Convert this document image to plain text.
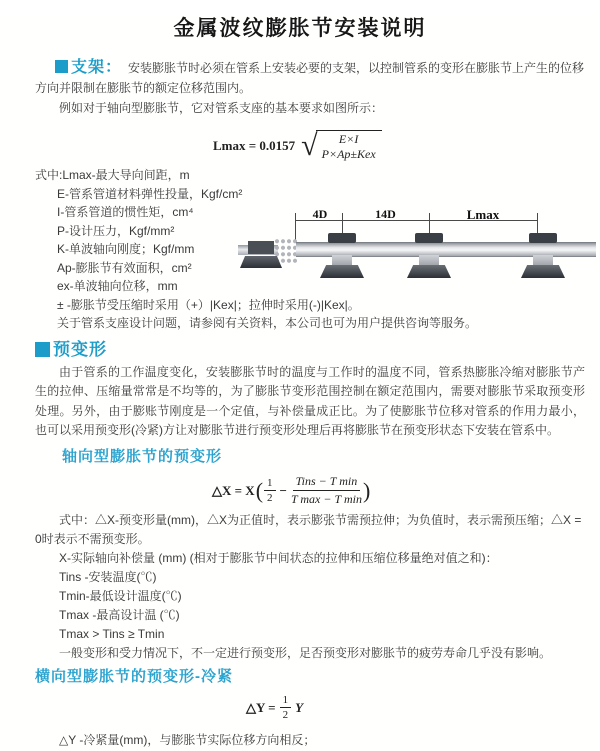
金属波纹膨胀节安装说明

支架： 安装膨胀节时必须在管系上安装必要的支架，以控制管系的变形在膨胀节上产生的位移方向并限制在膨胀节的额定位移范围内。

例如对于轴向型膨胀节，它对管系支座的基本要求如图所示：

Lmax = 0.0157 √ E×I
P×Ap±Kex
式中:Lmax-最大导向间距，m
E-管系管道材料弹性投量，Kgf/cm²
I-管系管道的惯性矩，cm⁴
P-设计压力，Kgf/mm²
K-单波轴向刚度；Kgf/mm
Ap-膨胀节有效面积，cm²
ex-单波轴向位移，mm
± -膨胀节受压缩时采用（+）|Kex|；拉伸时采用(-)|Kex|。
关于管系支座设计问题，请参阅有关资料，本公司也可为用户提供咨询等服务。
4D	14D	Lmax
预变形

由于管系的工作温度变化，安装膨胀节时的温度与工作时的温度不同，管系热膨胀冷缩对膨胀节产生的拉伸、压缩量常常是不均等的，为了膨胀节变形范围控制在额定范围内，需要对膨胀节采取预变形处理。另外，由于膨账节刚度是一个定值，与补偿量成正比。为了使膨胀节位移对管系的作用力最小，也可以采用预变形(冷紧)方让对膨胀节进行预变形处理后再将膨胀节在预变形状态下安装在管系中。

轴向型膨胀节的预变形
△X = X ( $\frac{1}{2} - \frac{\text{Tins − T min}}{\text{T max − T min}}$ )

式中：△X-预变形量(mm)，△X为正值时，表示膨张节需预拉伸；为负值时，表示需预压缩；△X = 0时表示不需预变形。

X-实际轴向补偿量 (mm) (相对于膨胀节中间状态的拉伸和压缩位移量绝对值之和)：

Tins -安装温度(℃)

Tmin-最低设计温度(℃)

Tmax -最高设计温 (℃)

Tmax > Tins ≥ Tmin

一般变形和受力情况下，不一定进行预变形，足否预变形对膨胀节的疲劳寿命几乎没有影响。

横向型膨胀节的预变形-冷紧
△Y = $\frac{1}{2}$ Y

△Y -冷紧量(mm)，与膨胀节实际位移方向相反；
